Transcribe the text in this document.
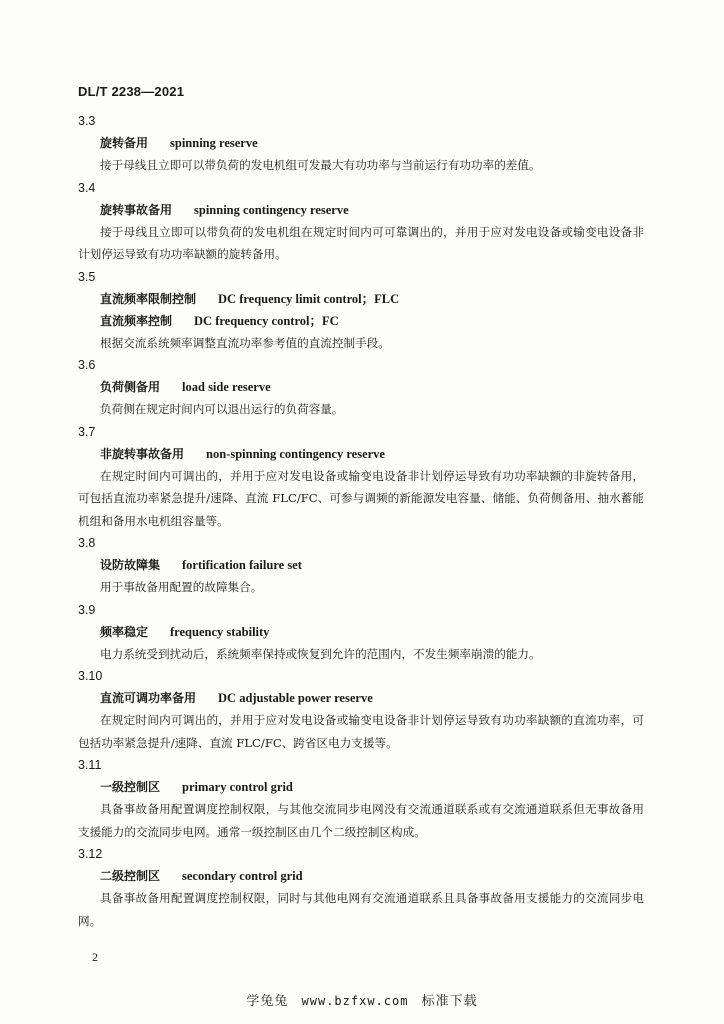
DL/T 2238—2021
3.3
旋转备用 spinning reserve
接于母线且立即可以带负荷的发电机组可发最大有功功率与当前运行有功功率的差值。
3.4
旋转事故备用 spinning contingency reserve
接于母线且立即可以带负荷的发电机组在规定时间内可可靠调出的，并用于应对发电设备或输变电设备非计划停运导致有功功率缺额的旋转备用。
3.5
直流频率限制控制 DC frequency limit control；FLC
直流频率控制 DC frequency control；FC
根据交流系统频率调整直流功率参考值的直流控制手段。
3.6
负荷侧备用 load side reserve
负荷侧在规定时间内可以退出运行的负荷容量。
3.7
非旋转事故备用 non-spinning contingency reserve
在规定时间内可调出的，并用于应对发电设备或输变电设备非计划停运导致有功功率缺额的非旋转备用，可包括直流功率紧急提升/速降、直流 FLC/FC、可参与调频的新能源发电容量、储能、负荷侧备用、抽水蓄能机组和备用水电机组容量等。
3.8
设防故障集 fortification failure set
用于事故备用配置的故障集合。
3.9
频率稳定 frequency stability
电力系统受到扰动后，系统频率保持或恢复到允许的范围内，不发生频率崩溃的能力。
3.10
直流可调功率备用 DC adjustable power reserve
在规定时间内可调出的，并用于应对发电设备或输变电设备非计划停运导致有功功率缺额的直流功率，可包括功率紧急提升/速降、直流 FLC/FC、跨省区电力支援等。
3.11
一级控制区 primary control grid
具备事故备用配置调度控制权限，与其他交流同步电网没有交流通道联系或有交流通道联系但无事故备用支援能力的交流同步电网。通常一级控制区由几个二级控制区构成。
3.12
二级控制区 secondary control grid
具备事故备用配置调度控制权限，同时与其他电网有交流通道联系且具备事故备用支援能力的交流同步电网。
2
学兔兔 www.bzfxw.com 标准下载
